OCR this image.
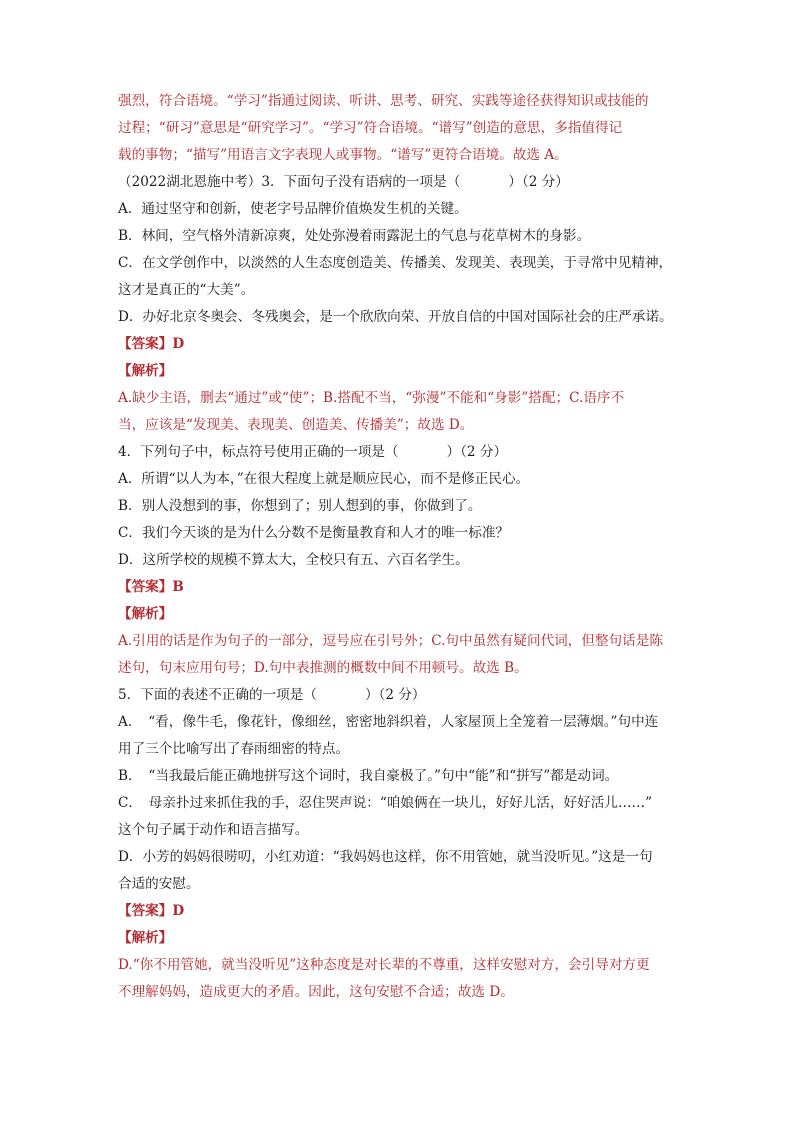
强烈，符合语境。“学习”指通过阅读、听讲、思考、研究、实践等途径获得知识或技能的

过程；“研习”意思是“研究学习”。“学习”符合语境。“谱写”创造的意思，多指值得记

载的事物；“描写”用语言文字表现人或事物。“谱写”更符合语境。故选 A。

（2022湖北恩施中考）3．下面句子没有语病的一项是（	）（2 分）

A．通过坚守和创新，使老字号品牌价值焕发生机的关键。

B．林间，空气格外清新凉爽，处处弥漫着雨露泥土的气息与花草树木的身影。

C．在文学创作中，以淡然的人生态度创造美、传播美、发现美、表现美，于寻常中见精神，

这才是真正的“大美”。

D．办好北京冬奥会、冬残奥会，是一个欣欣向荣、开放自信的中国对国际社会的庄严承诺。

【答案】D

【解析】

A.缺少主语，删去“通过”或“使”；B.搭配不当，“弥漫”不能和“身影”搭配；C.语序不

当，应该是“发现美、表现美、创造美、传播美”；故选 D。

4．下列句子中，标点符号使用正确的一项是（	）（2 分）

A．所谓“以人为本，”在很大程度上就是顺应民心，而不是修正民心。

B．别人没想到的事，你想到了；别人想到的事，你做到了。

C．我们今天谈的是为什么分数不是衡量教育和人才的唯一标准？

D．这所学校的规模不算太大，全校只有五、六百名学生。

【答案】B

【解析】

A.引用的话是作为句子的一部分，逗号应在引号外；C.句中虽然有疑问代词，但整句话是陈

述句，句末应用句号；D.句中表推测的概数中间不用顿号。故选 B。

5．下面的表述不正确的一项是（	）（2 分）

A．　“看，像牛毛，像花针，像细丝，密密地斜织着，人家屋顶上全笼着一层薄烟。”句中连

用了三个比喻写出了春雨细密的特点。

B．　“当我最后能正确地拼写这个词时，我自豪极了。”句中“能”和“拼写”都是动词。

C．　母亲扑过来抓住我的手，忍住哭声说：“咱娘俩在一块儿，好好儿活，好好活儿……”

这个句子属于动作和语言描写。

D．小芳的妈妈很唠叨，小红劝道：“我妈妈也这样，你不用管她，就当没听见。”这是一句

合适的安慰。

【答案】D

【解析】

D.“你不用管她，就当没听见”这种态度是对长辈的不尊重，这样安慰对方，会引导对方更

不理解妈妈，造成更大的矛盾。因此，这句安慰不合适；故选 D。
